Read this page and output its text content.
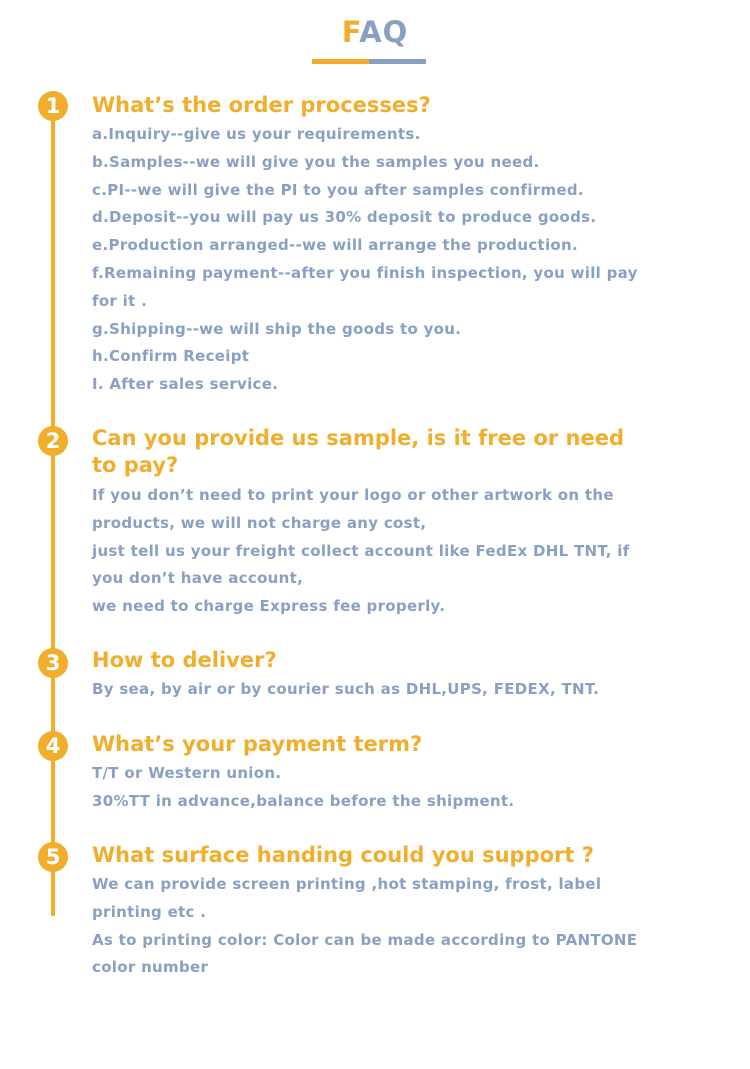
FAQ
1	What’s the order processes?
a.Inquiry--give us your requirements.
b.Samples--we will give you the samples you need.
c.PI--we will give the PI to you after samples confirmed.
d.Deposit--you will pay us 30% deposit to produce goods.
e.Production arranged--we will arrange the production.
f.Remaining payment--after you finish inspection, you will pay
for it .
g.Shipping--we will ship the goods to you.
h.Confirm Receipt
I. After sales service.
2	Can you provide us sample, is it free or need
to pay?
If you don’t need to print your logo or other artwork on the
products, we will not charge any cost,
just tell us your freight collect account like FedEx DHL TNT, if
you don’t have account,
we need to charge Express fee properly.
3	How to deliver?
By sea, by air or by courier such as DHL,UPS, FEDEX, TNT.
4	What’s your payment term?
T/T or Western union.
30%TT in advance,balance before the shipment.
5	What surface handing could you support ?
We can provide screen printing ,hot stamping, frost, label
printing etc .
As to printing color: Color can be made according to PANTONE
color number
